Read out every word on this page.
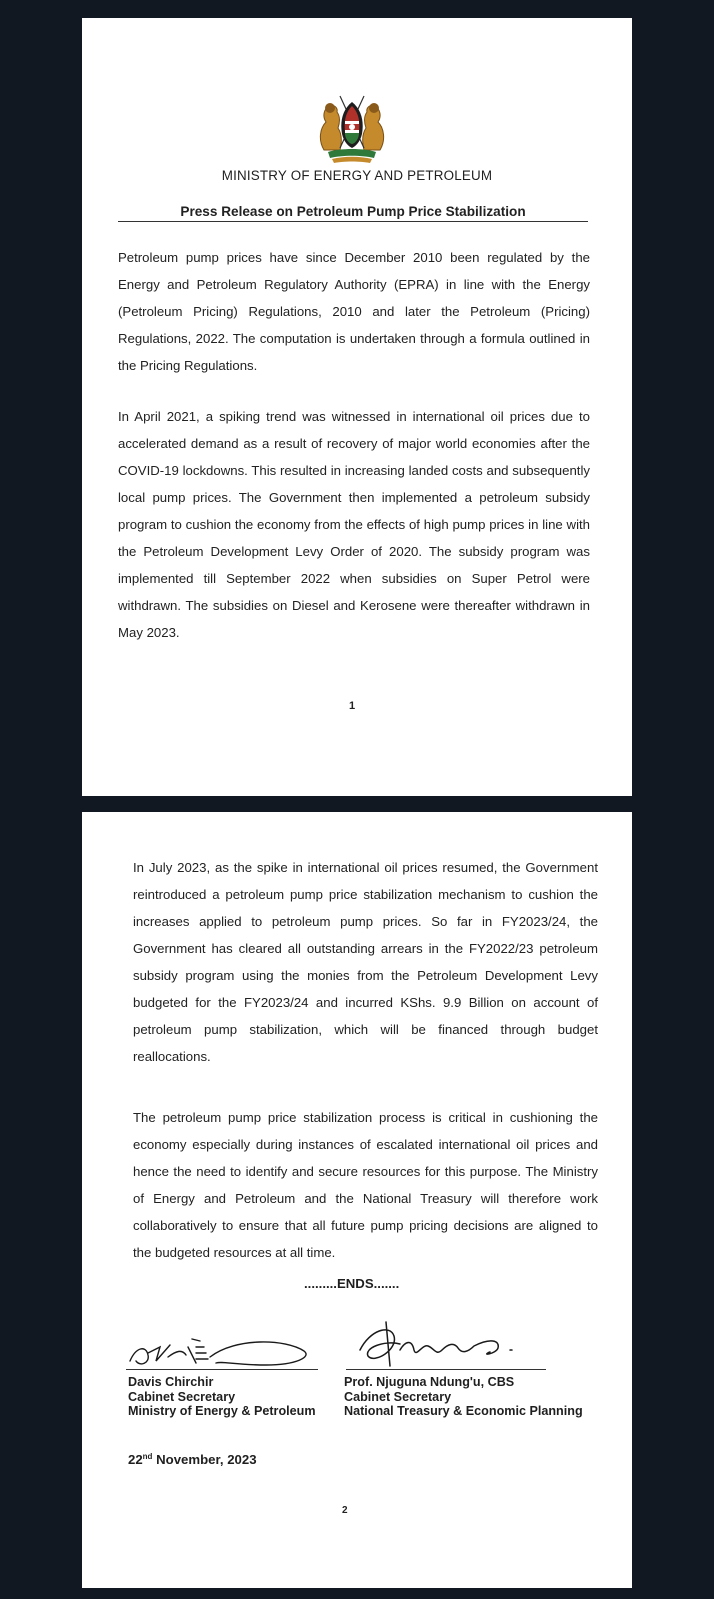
MINISTRY OF ENERGY AND PETROLEUM
Press Release on Petroleum Pump Price Stabilization

Petroleum pump prices have since December 2010 been regulated by the Energy and Petroleum Regulatory Authority (EPRA) in line with the Energy (Petroleum Pricing) Regulations, 2010 and later the Petroleum (Pricing) Regulations, 2022. The computation is undertaken through a formula outlined in the Pricing Regulations.

In April 2021, a spiking trend was witnessed in international oil prices due to accelerated demand as a result of recovery of major world economies after the COVID-19 lockdowns. This resulted in increasing landed costs and subsequently local pump prices. The Government then implemented a petroleum subsidy program to cushion the economy from the effects of high pump prices in line with the Petroleum Development Levy Order of 2020. The subsidy program was implemented till September 2022 when subsidies on Super Petrol were withdrawn. The subsidies on Diesel and Kerosene were thereafter withdrawn in May 2023.

1

In July 2023, as the spike in international oil prices resumed, the Government reintroduced a petroleum pump price stabilization mechanism to cushion the increases applied to petroleum pump prices. So far in FY2023/24, the Government has cleared all outstanding arrears in the FY2022/23 petroleum subsidy program using the monies from the Petroleum Development Levy budgeted for the FY2023/24 and incurred KShs. 9.9 Billion on account of petroleum pump stabilization, which will be financed through budget reallocations.

The petroleum pump price stabilization process is critical in cushioning the economy especially during instances of escalated international oil prices and hence the need to identify and secure resources for this purpose. The Ministry of Energy and Petroleum and the National Treasury will therefore work collaboratively to ensure that all future pump pricing decisions are aligned to the budgeted resources at all time.

.........ENDS.......
Davis Chirchir
Cabinet Secretary
Ministry of Energy & Petroleum
Prof. Njuguna Ndung'u, CBS
Cabinet Secretary
National Treasury & Economic Planning
22nd November, 2023
2
